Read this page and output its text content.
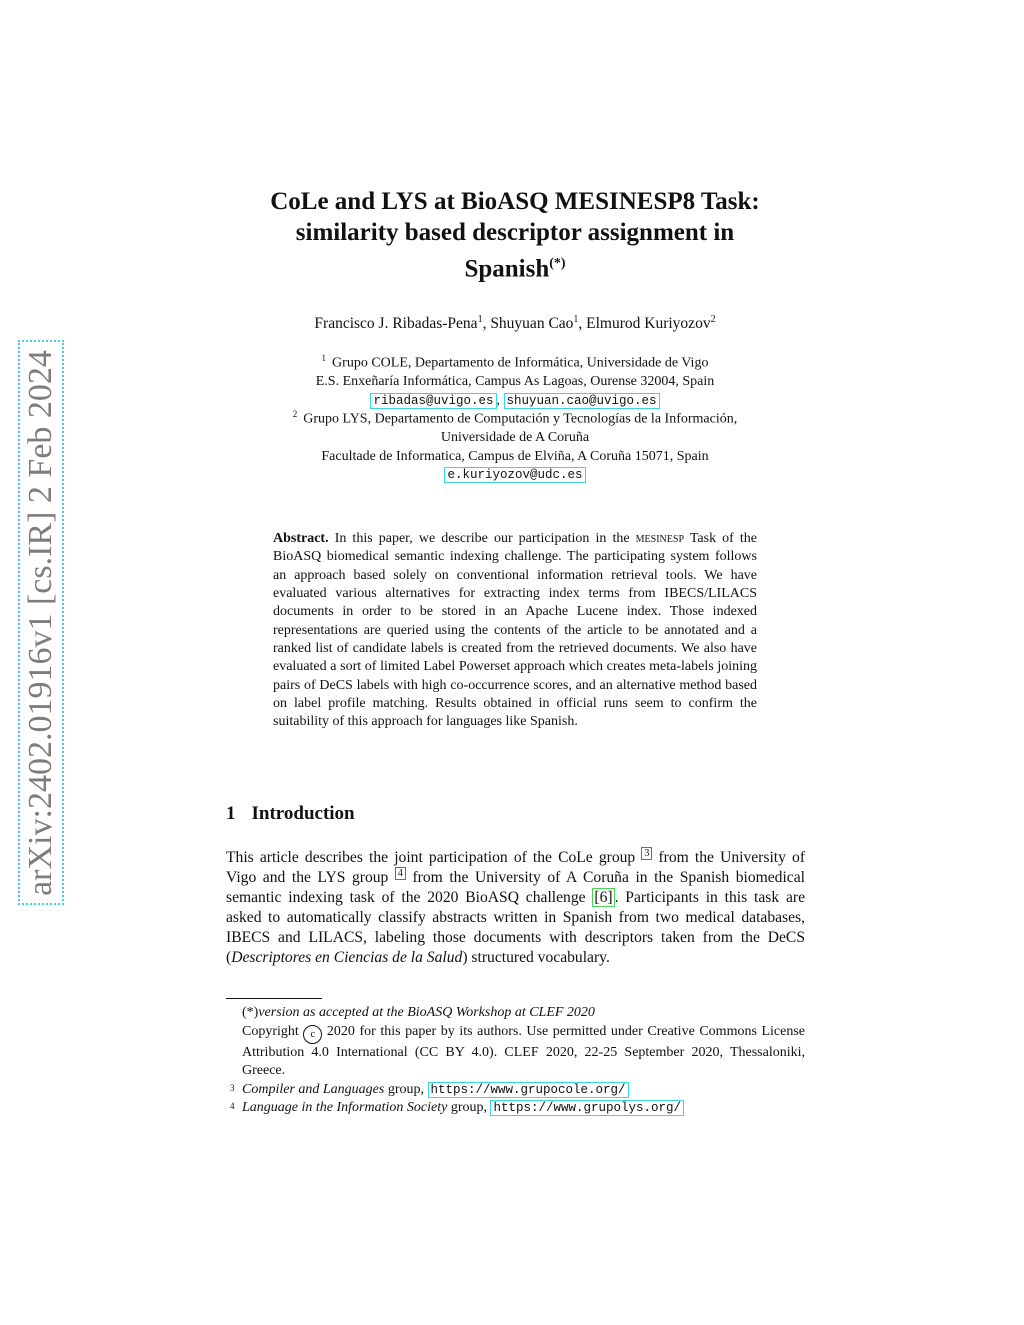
arXiv:2402.01916v1 [cs.IR] 2 Feb 2024
CoLe and LYS at BioASQ MESINESP8 Task:
similarity based descriptor assignment in
Spanish(*)
Francisco J. Ribadas-Pena$^1$, Shuyuan Cao$^1$, Elmurod Kuriyozov$^2$
$^1$ Grupo COLE, Departamento de Informática, Universidade de Vigo
E.S. Enxeñaría Informática, Campus As Lagoas, Ourense 32004, Spain
ribadas@uvigo.es , shuyuan.cao@uvigo.es
$^2$ Grupo LYS, Departamento de Computación y Tecnologías de la Información,
Universidade de A Coruña
Facultade de Informatica, Campus de Elviña, A Coruña 15071, Spain
e.kuriyozov@udc.es
Abstract. In this paper, we describe our participation in the mesinesp Task of the BioASQ biomedical semantic indexing challenge. The participating system follows an approach based solely on conventional information retrieval tools. We have evaluated various alternatives for extracting index terms from IBECS/LILACS documents in order to be stored in an Apache Lucene index. Those indexed representations are queried using the contents of the article to be annotated and a ranked list of candidate labels is created from the retrieved documents. We also have evaluated a sort of limited Label Powerset approach which creates meta-labels joining pairs of DeCS labels with high co-occurrence scores, and an alternative method based on label profile matching. Results obtained in official runs seem to confirm the suitability of this approach for languages like Spanish.
1 Introduction
This article describes the joint participation of the CoLe group $^3$ from the University of Vigo and the LYS group $^4$ from the University of A Coruña in the Spanish biomedical semantic indexing task of the 2020 BioASQ challenge [6] . Participants in this task are asked to automatically classify abstracts written in Spanish from two medical databases, IBECS and LILACS, labeling those documents with descriptors taken from the DeCS (Descriptores en Ciencias de la Salud) structured vocabulary.
(*)version as accepted at the BioASQ Workshop at CLEF 2020
Copyright c 2020 for this paper by its authors. Use permitted under Creative Commons License Attribution 4.0 International (CC BY 4.0). CLEF 2020, 22-25 September 2020, Thessaloniki, Greece.
3 Compiler and Languages group, https://www.grupocole.org/
4 Language in the Information Society group, https://www.grupolys.org/
